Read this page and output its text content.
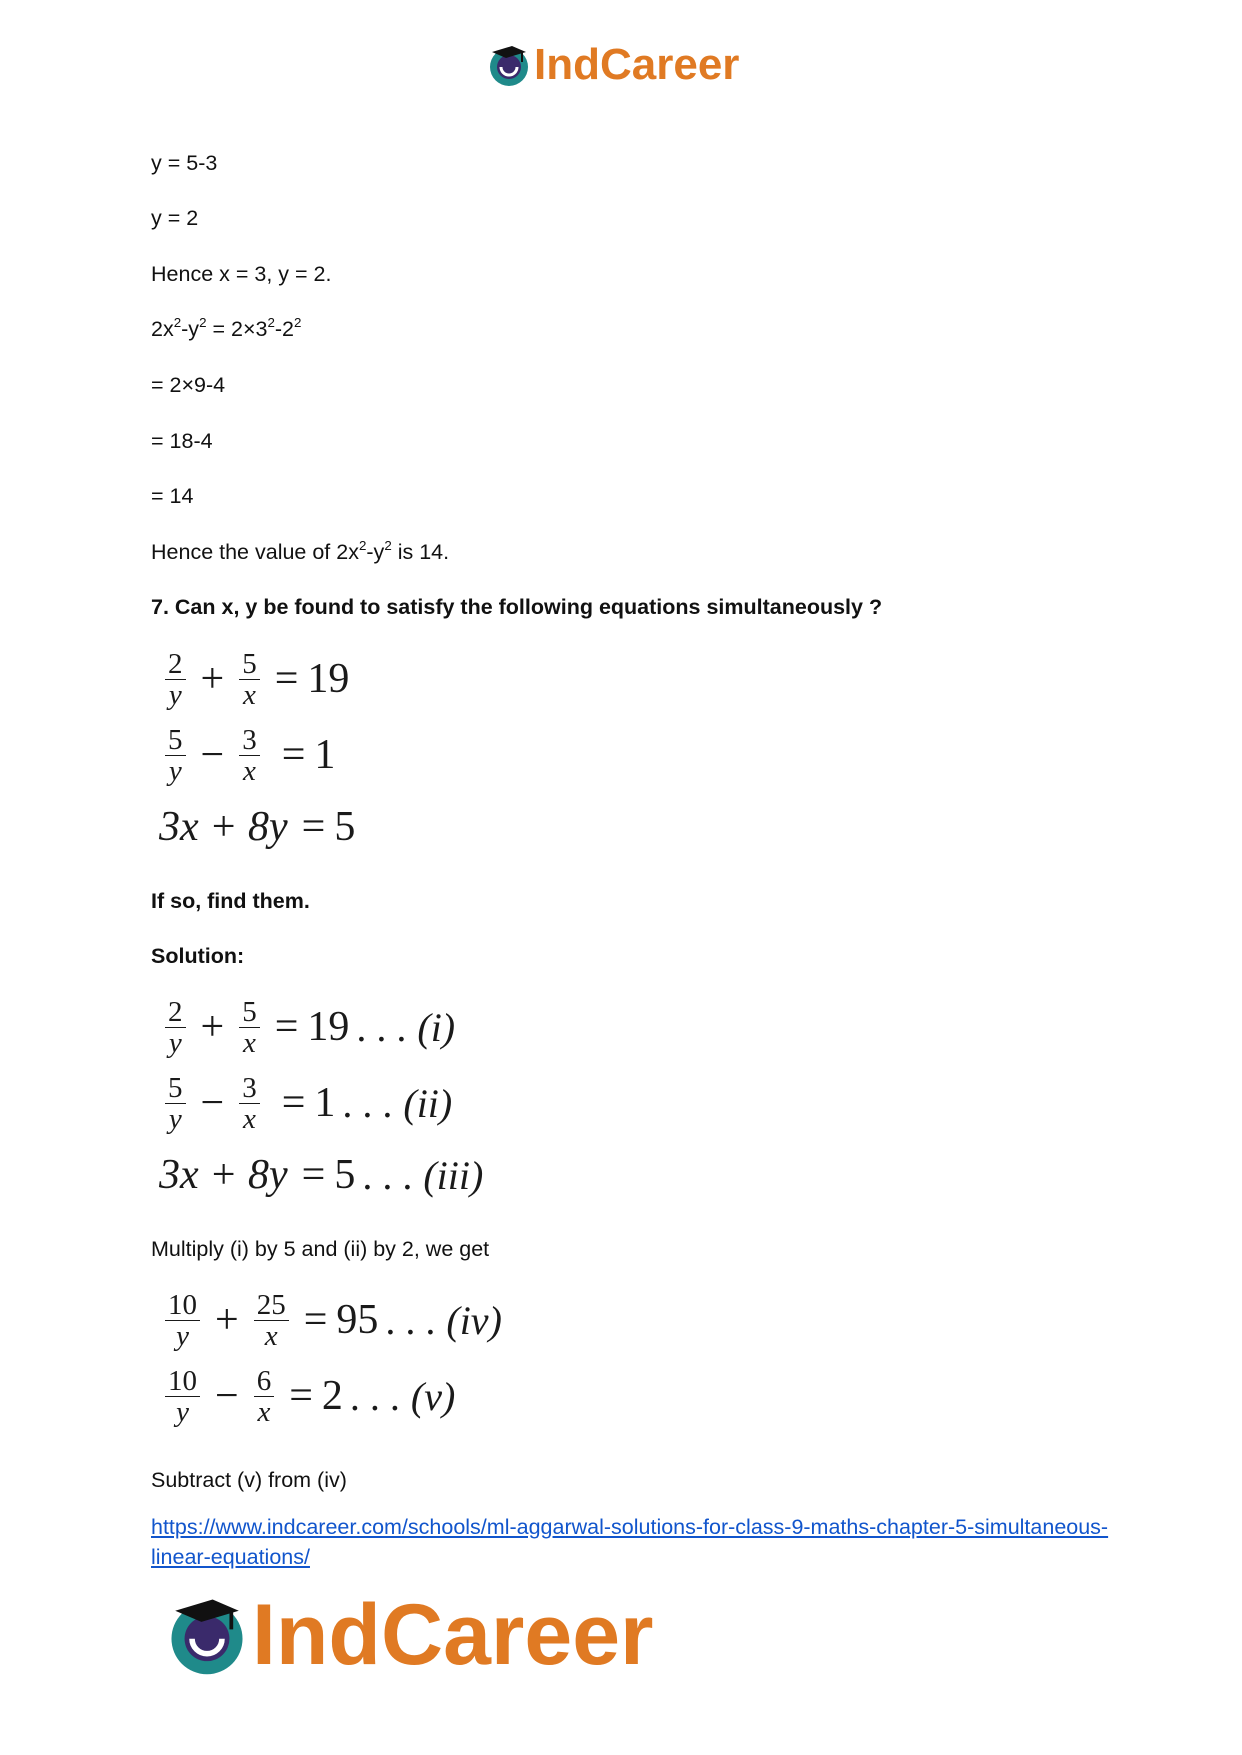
IndCareer
y = 5-3
y = 2
Hence x = 3, y = 2.
$2x^2-y^2 = 2\times 3^2-2^2$
= 2×9-4
= 18-4
= 14
Hence the value of $2x^2-y^2$ is 14.
7. Can x, y be found to satisfy the following equations simultaneously ?
$\frac{2}{y} + \frac{5}{x} = 19$
$\frac{5}{y} - \frac{3}{x} = 1$
3x + 8y = 5
If so, find them.
Solution:
$\frac{2}{y} + \frac{5}{x} = 19$ . . . (i)
$\frac{5}{y} - \frac{3}{x} = 1$ . . . (ii)
3x + 8y = 5 . . . (iii)
Multiply (i) by 5 and (ii) by 2, we get
$\frac{10}{y} + \frac{25}{x} = 95$ . . . (iv)
$\frac{10}{y} - \frac{6}{x} = 2$ . . . (v)
Subtract (v) from (iv)
https://www.indcareer.com/schools/ml-aggarwal-solutions-for-class-9-maths-chapter-5-simultaneous-linear-equations/
IndCareer
